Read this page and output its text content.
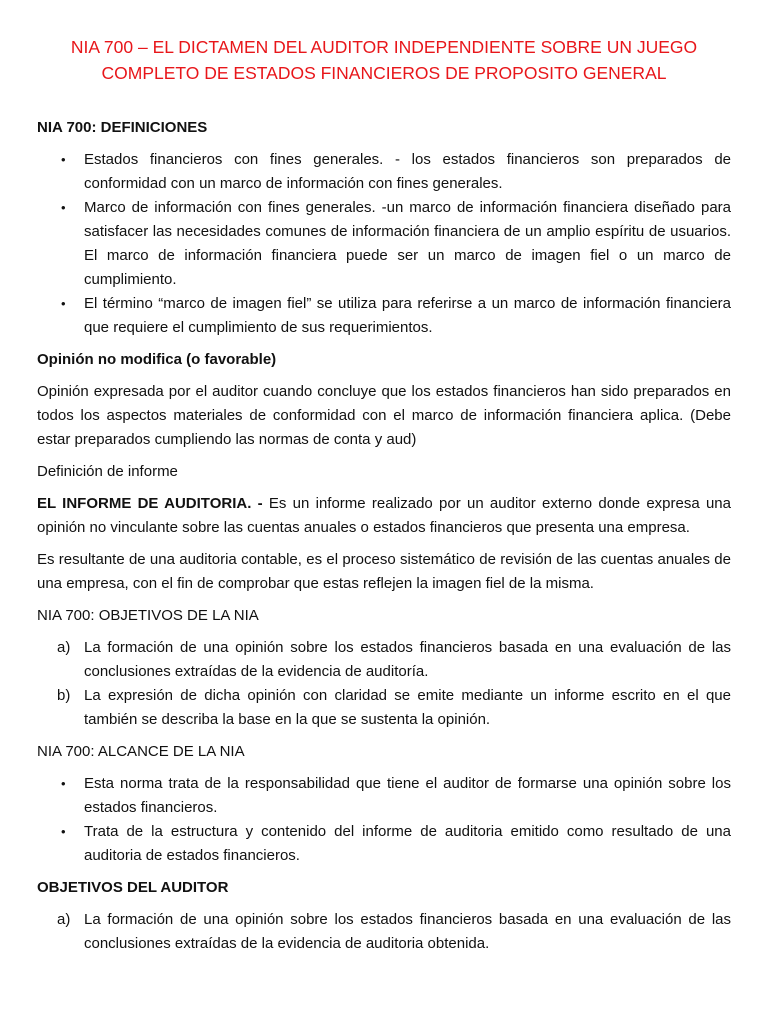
NIA 700 – EL DICTAMEN DEL AUDITOR INDEPENDIENTE SOBRE UN JUEGO
COMPLETO DE ESTADOS FINANCIEROS DE PROPOSITO GENERAL
NIA 700: DEFINICIONES
• Estados financieros con fines generales. - los estados financieros son preparados de conformidad con un marco de información con fines generales.
• Marco de información con fines generales. -un marco de información financiera diseñado para satisfacer las necesidades comunes de información financiera de un amplio espíritu de usuarios. El marco de información financiera puede ser un marco de imagen fiel o un marco de cumplimiento.
• El término “marco de imagen fiel” se utiliza para referirse a un marco de información financiera que requiere el cumplimiento de sus requerimientos.
Opinión no modifica (o favorable)

Opinión expresada por el auditor cuando concluye que los estados financieros han sido preparados en todos los aspectos materiales de conformidad con el marco de información financiera aplica. (Debe estar preparados cumpliendo las normas de conta y aud)

Definición de informe

EL INFORME DE AUDITORIA. - Es un informe realizado por un auditor externo donde expresa una opinión no vinculante sobre las cuentas anuales o estados financieros que presenta una empresa.

Es resultante de una auditoria contable, es el proceso sistemático de revisión de las cuentas anuales de una empresa, con el fin de comprobar que estas reflejen la imagen fiel de la misma.

NIA 700: OBJETIVOS DE LA NIA
a) La formación de una opinión sobre los estados financieros basada en una evaluación de las conclusiones extraídas de la evidencia de auditoría.
b) La expresión de dicha opinión con claridad se emite mediante un informe escrito en el que también se describa la base en la que se sustenta la opinión.
NIA 700: ALCANCE DE LA NIA
• Esta norma trata de la responsabilidad que tiene el auditor de formarse una opinión sobre los estados financieros.
• Trata de la estructura y contenido del informe de auditoria emitido como resultado de una auditoria de estados financieros.
OBJETIVOS DEL AUDITOR
a) La formación de una opinión sobre los estados financieros basada en una evaluación de las conclusiones extraídas de la evidencia de auditoria obtenida.
